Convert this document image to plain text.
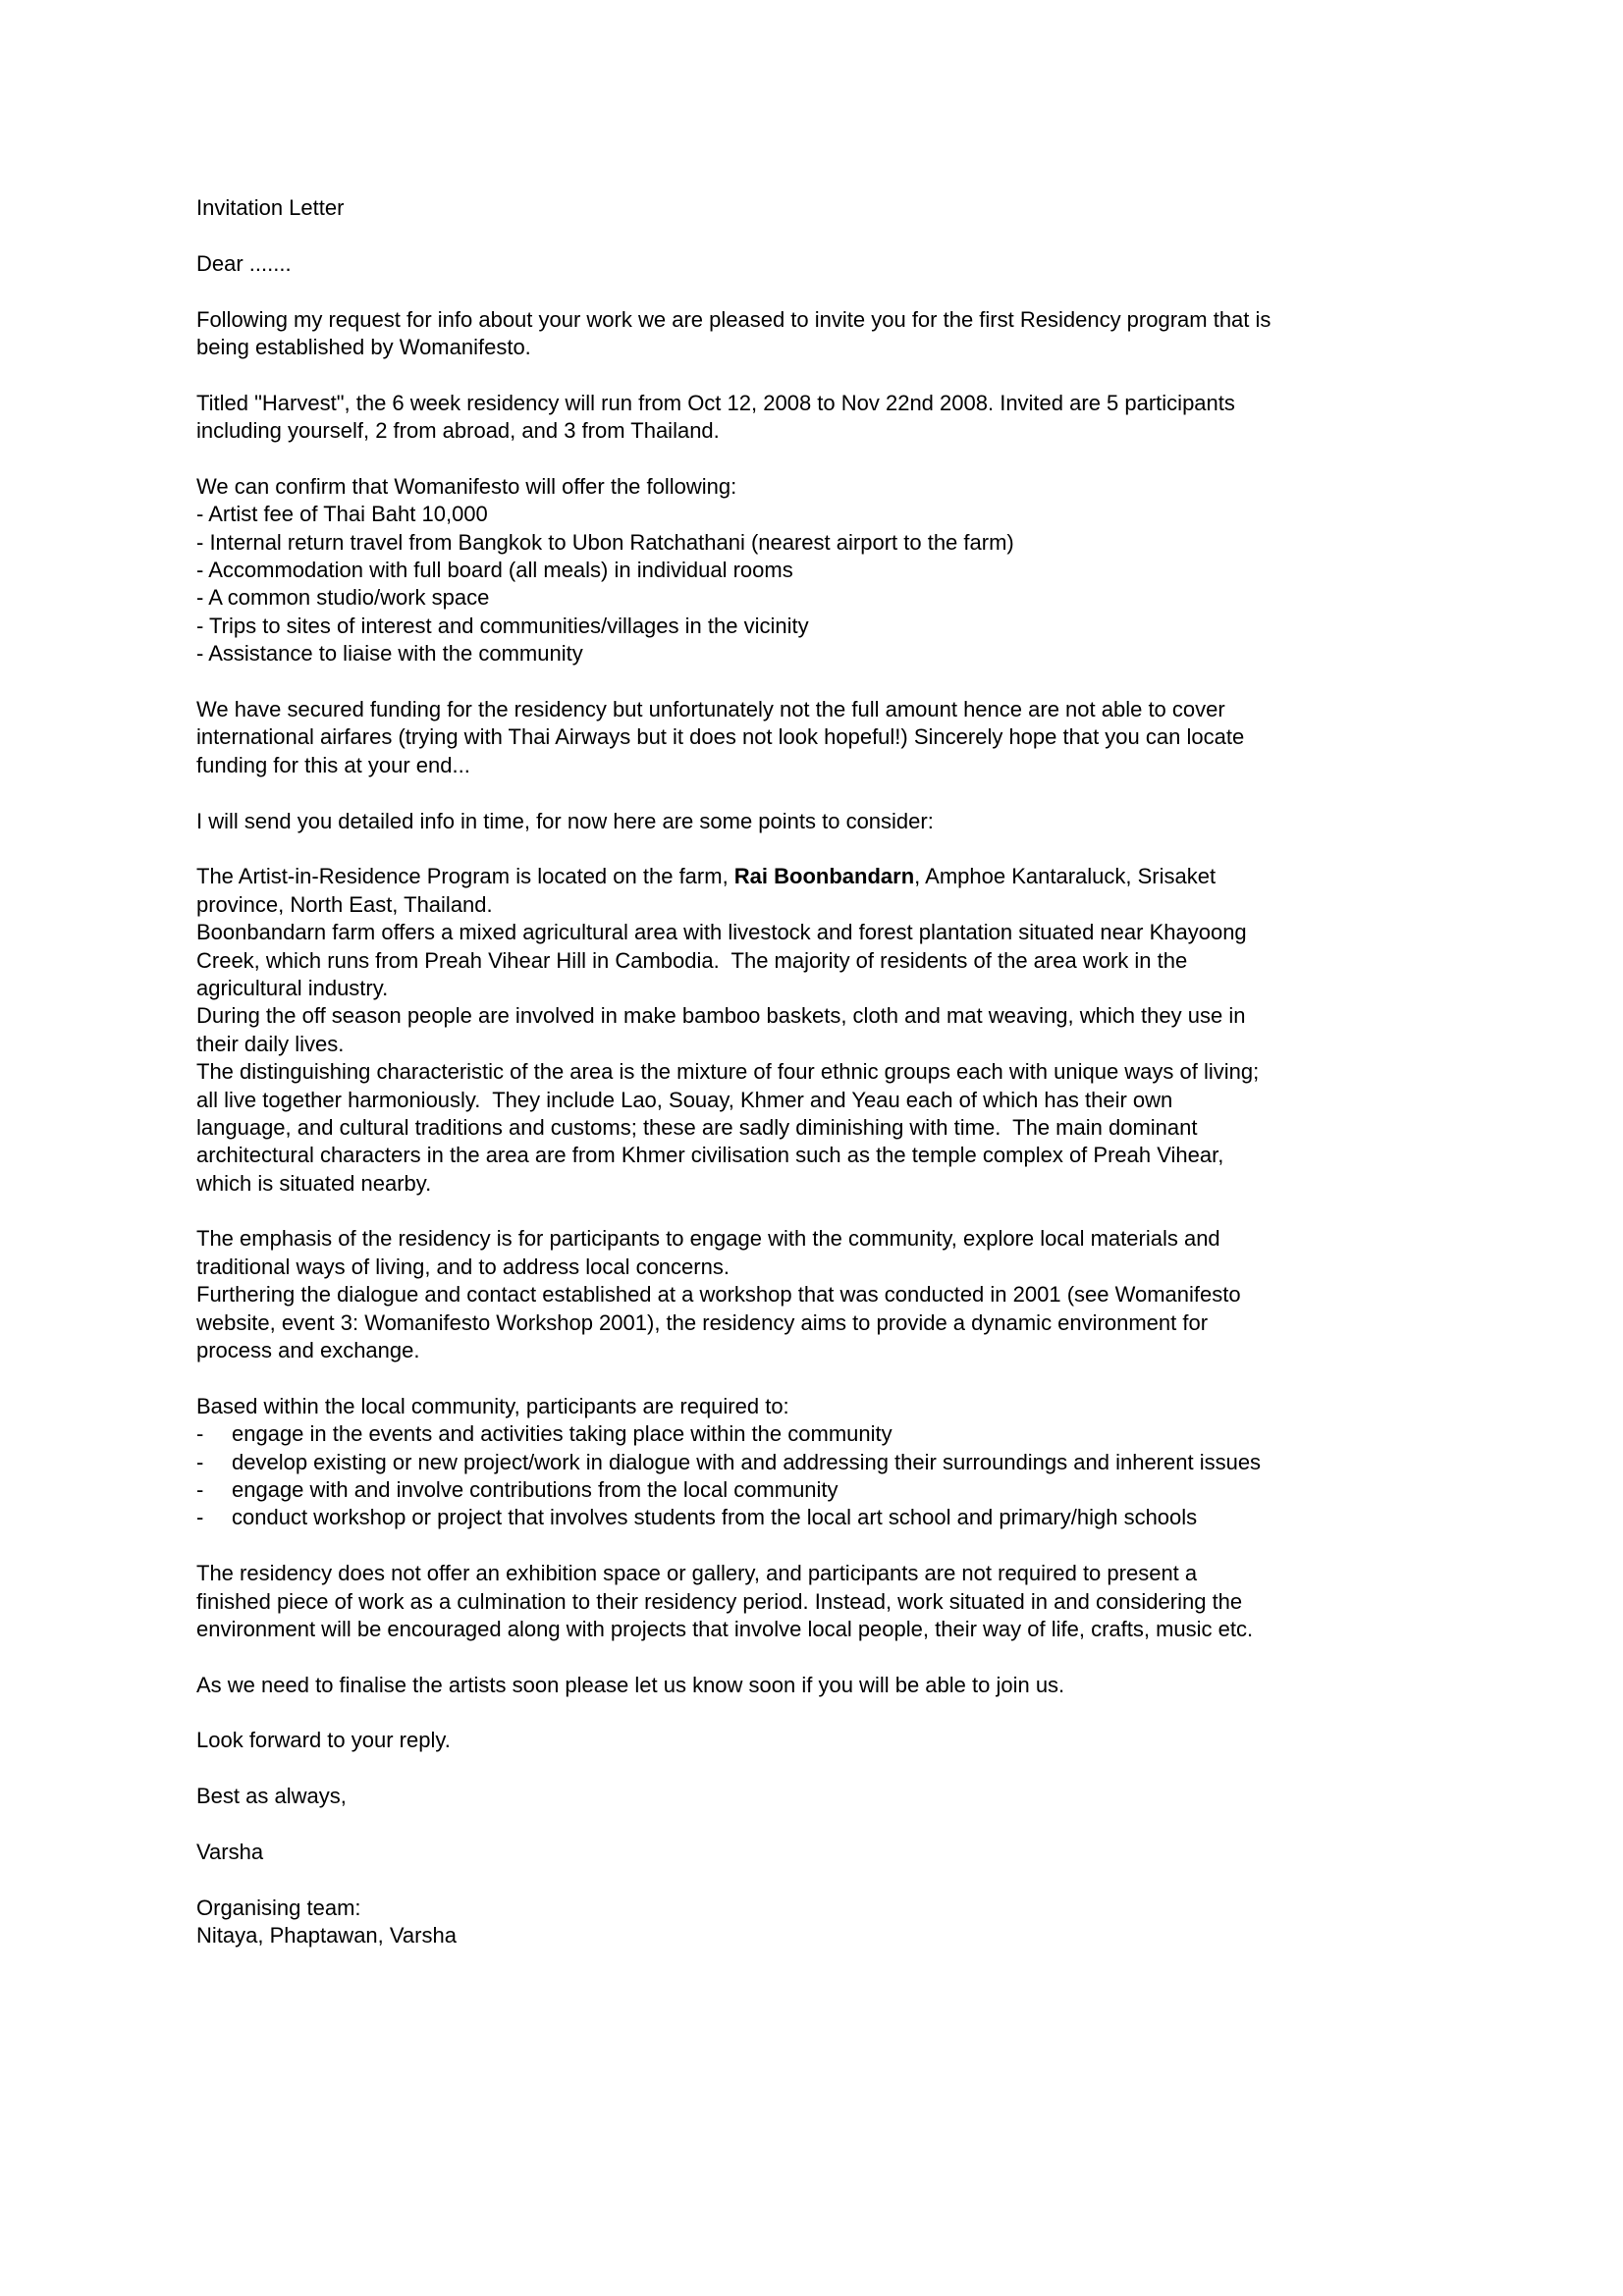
Invitation Letter
Dear .......
Following my request for info about your work we are pleased to invite you for the first Residency program that is
being established by Womanifesto.
Titled "Harvest", the 6 week residency will run from Oct 12, 2008 to Nov 22nd 2008. Invited are 5 participants
including yourself, 2 from abroad, and 3 from Thailand.
We can confirm that Womanifesto will offer the following:
- Artist fee of Thai Baht 10,000
- Internal return travel from Bangkok to Ubon Ratchathani (nearest airport to the farm)
- Accommodation with full board (all meals) in individual rooms
- A common studio/work space
- Trips to sites of interest and communities/villages in the vicinity
- Assistance to liaise with the community
We have secured funding for the residency but unfortunately not the full amount hence are not able to cover
international airfares (trying with Thai Airways but it does not look hopeful!) Sincerely hope that you can locate
funding for this at your end...
I will send you detailed info in time, for now here are some points to consider:
The Artist-in-Residence Program is located on the farm, Rai Boonbandarn, Amphoe Kantaraluck, Srisaket
province, North East, Thailand.
Boonbandarn farm offers a mixed agricultural area with livestock and forest plantation situated near Khayoong
Creek, which runs from Preah Vihear Hill in Cambodia.  The majority of residents of the area work in the
agricultural industry.
During the off season people are involved in make bamboo baskets, cloth and mat weaving, which they use in
their daily lives.
The distinguishing characteristic of the area is the mixture of four ethnic groups each with unique ways of living;
all live together harmoniously.  They include Lao, Souay, Khmer and Yeau each of which has their own
language, and cultural traditions and customs; these are sadly diminishing with time.  The main dominant
architectural characters in the area are from Khmer civilisation such as the temple complex of Preah Vihear,
which is situated nearby.
The emphasis of the residency is for participants to engage with the community, explore local materials and
traditional ways of living, and to address local concerns.
Furthering the dialogue and contact established at a workshop that was conducted in 2001 (see Womanifesto
website, event 3: Womanifesto Workshop 2001), the residency aims to provide a dynamic environment for
process and exchange.
Based within the local community, participants are required to:
- engage in the events and activities taking place within the community
- develop existing or new project/work in dialogue with and addressing their surroundings and inherent issues
- engage with and involve contributions from the local community
- conduct workshop or project that involves students from the local art school and primary/high schools
The residency does not offer an exhibition space or gallery, and participants are not required to present a
finished piece of work as a culmination to their residency period. Instead, work situated in and considering the
environment will be encouraged along with projects that involve local people, their way of life, crafts, music etc.
As we need to finalise the artists soon please let us know soon if you will be able to join us.
Look forward to your reply.
Best as always,
Varsha
Organising team:
Nitaya, Phaptawan, Varsha
